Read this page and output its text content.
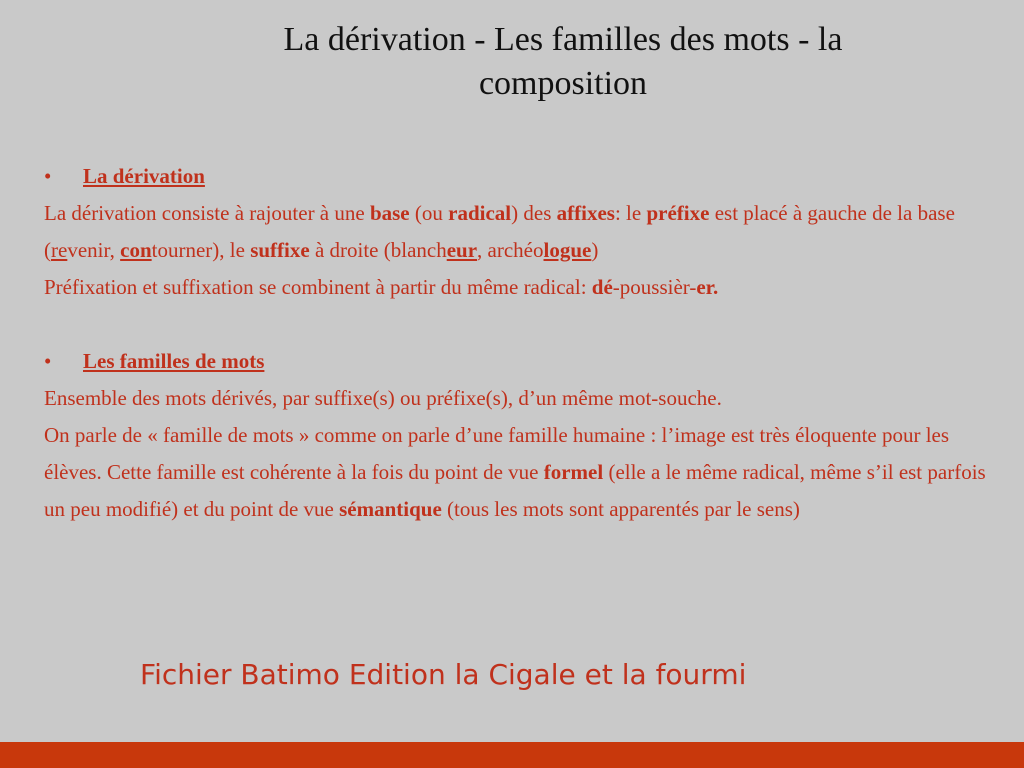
La dérivation - Les familles des mots - la composition
• La dérivation
La dérivation consiste à rajouter à une base (ou radical) des affixes: le préfixe est placé à gauche de la base (revenir, contourner), le suffixe à droite (blancheur, archéologue)
Préfixation et suffixation se combinent à partir du même radical: dé-poussièr-er.
• Les familles de mots
Ensemble des mots dérivés, par suffixe(s) ou préfixe(s), d’un même mot-souche.
On parle de « famille de mots » comme on parle d’une famille humaine : l’image est très éloquente pour les élèves. Cette famille est cohérente à la fois du point de vue formel (elle a le même radical, même s’il est parfois un peu modifié) et du point de vue sémantique (tous les mots sont apparentés par le sens)
Fichier Batimo Edition la Cigale et la fourmi
